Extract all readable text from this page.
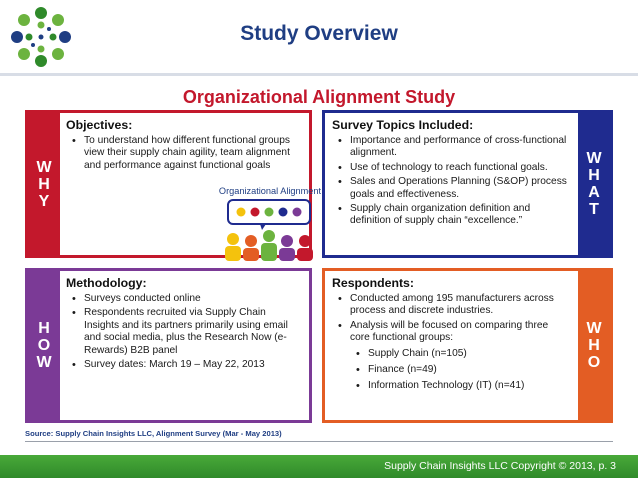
Study Overview
Organizational Alignment Study
W
H
Y
Objectives:
• To understand how different functional groups view their supply chain agility, team alignment and performance against functional goals
Organizational Alignment
W
H
A
T
Survey Topics Included:
• Importance and performance of cross-functional alignment.
• Use of technology to reach functional goals.
• Sales and Operations Planning (S&OP) process goals and effectiveness.
• Supply chain organization definition and definition of supply chain “excellence.”
H
O
W
Methodology:
• Surveys conducted online
• Respondents recruited via Supply Chain Insights and its partners primarily using email and social media, plus the Research Now (e-Rewards) B2B panel
• Survey dates: March 19 – May 22, 2013
W
H
O
Respondents:
• Conducted among 195 manufacturers across process and discrete industries.
• Analysis will be focused on comparing three core functional groups:
• Supply Chain (n=105)
• Finance (n=49)
• Information Technology (IT) (n=41)
Source: Supply Chain Insights LLC, Alignment Survey (Mar - May 2013)
Supply Chain Insights LLC Copyright © 2013, p. 3
